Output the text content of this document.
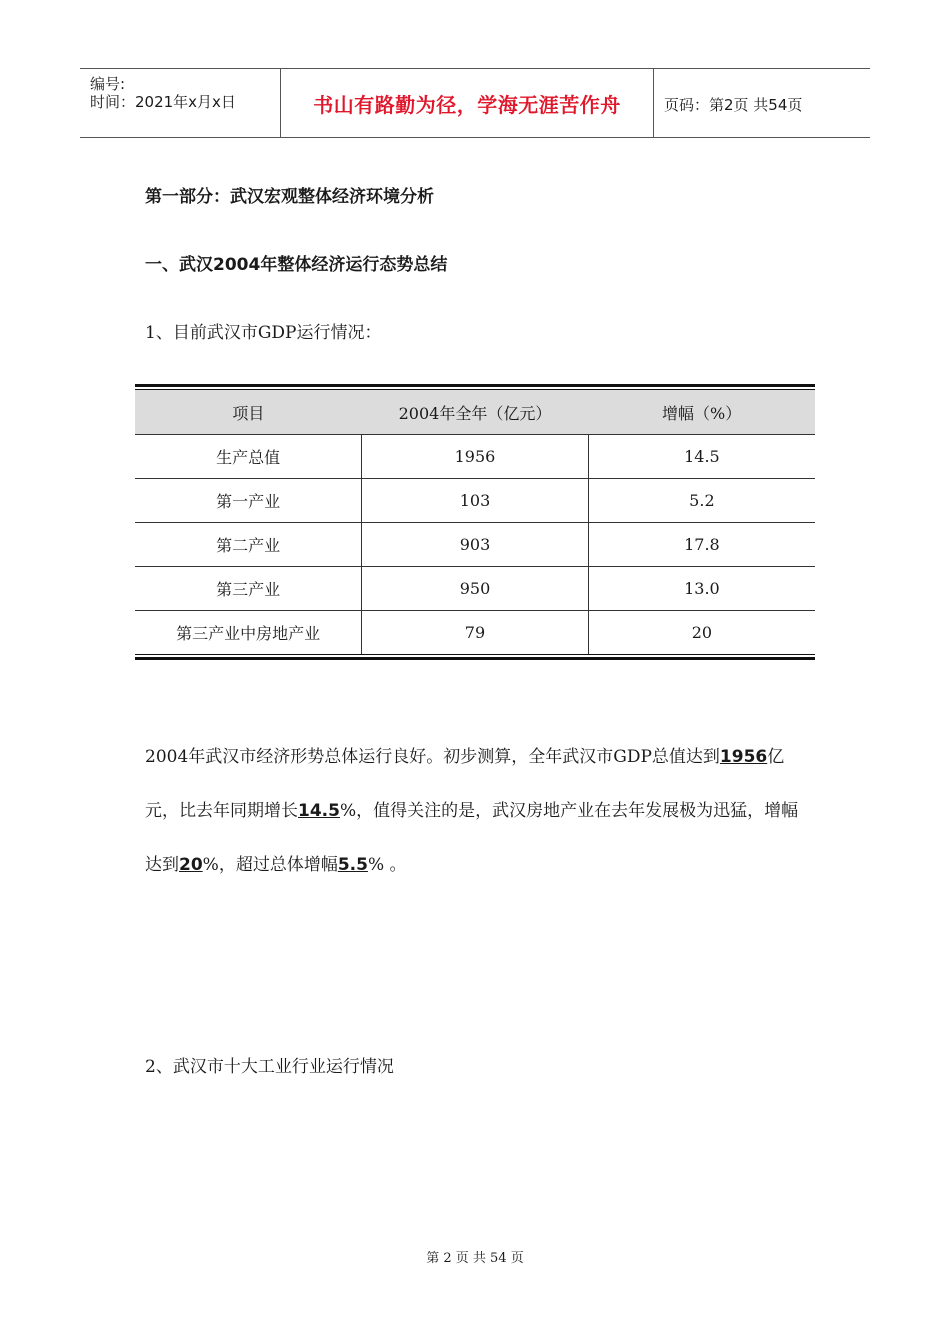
编号:
时间：2021年x月x日	书山有路勤为径，学海无涯苦作舟	页码：第2页 共54页
第一部分：武汉宏观整体经济环境分析
一、武汉2004年整体经济运行态势总结
1、目前武汉市GDP运行情况：
项目	2004年全年（亿元）	增幅（%）
生产总值	1956	14.5
第一产业	103	5.2
第二产业	903	17.8
第三产业	950	13.0
第三产业中房地产业	79	20
2004年武汉市经济形势总体运行良好。初步测算，全年武汉市GDP总值达到1956亿元，比去年同期增长14.5%，值得关注的是，武汉房地产业在去年发展极为迅猛，增幅达到20%，超过总体增幅5.5% 。
2、武汉市十大工业行业运行情况
第 2 页 共 54 页
